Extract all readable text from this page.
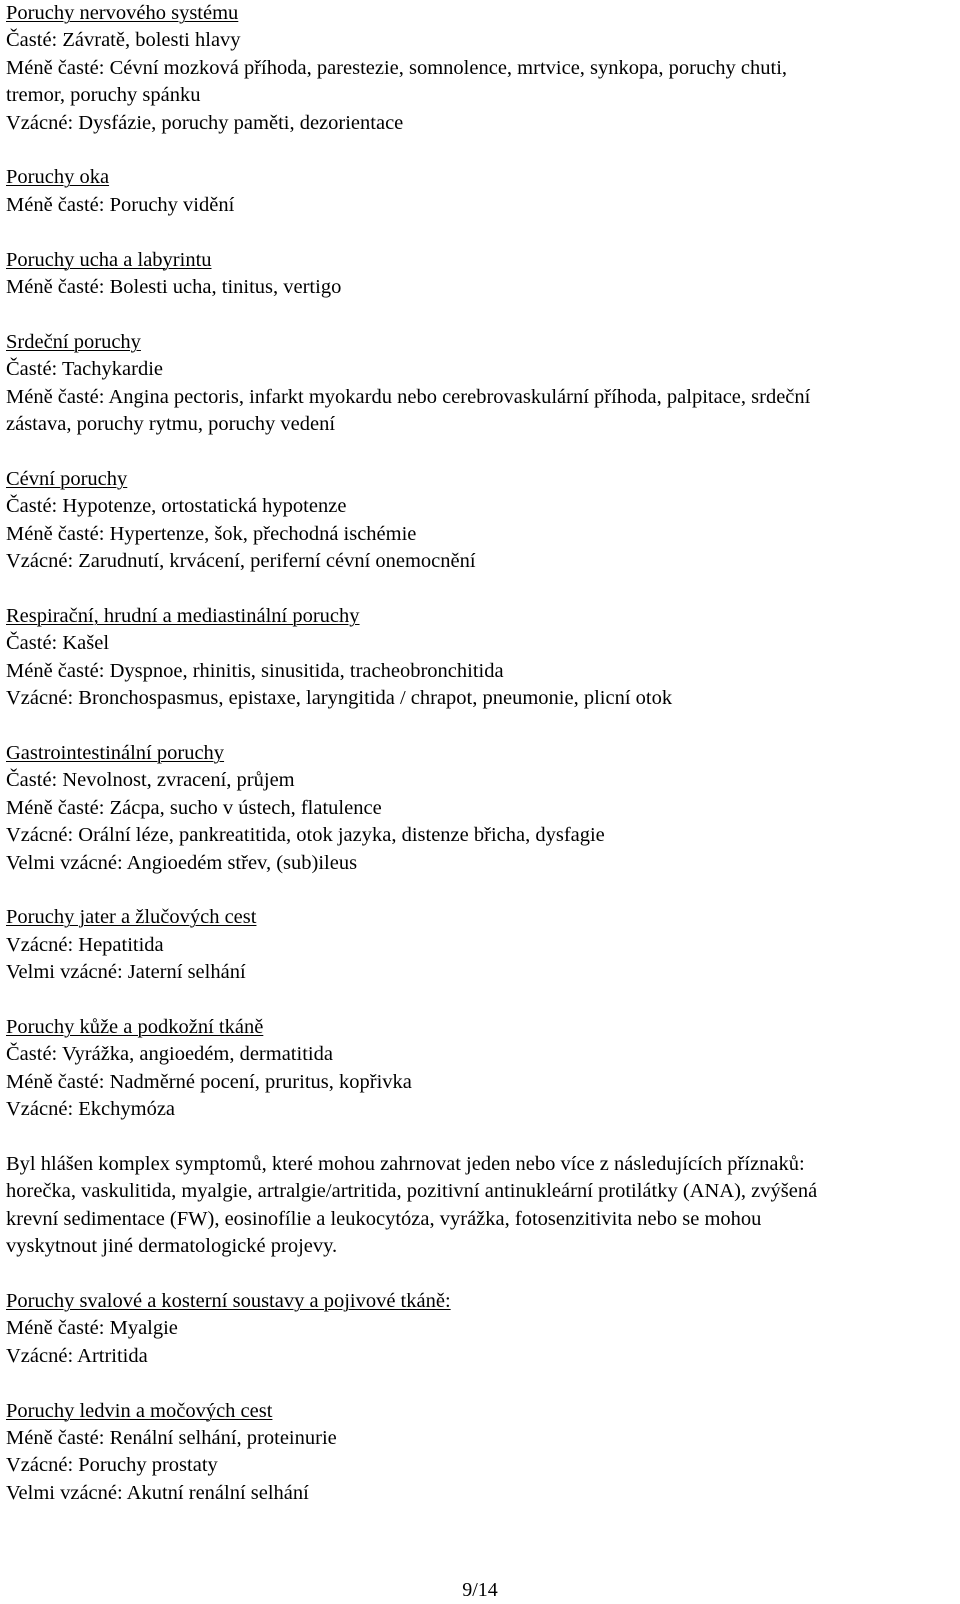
Poruchy nervového systému
Časté: Závratě, bolesti hlavy
Méně časté: Cévní mozková příhoda, parestezie, somnolence, mrtvice, synkopa, poruchy chuti,
tremor, poruchy spánku
Vzácné: Dysfázie, poruchy paměti, dezorientace
Poruchy oka
Méně časté: Poruchy vidění
Poruchy ucha a labyrintu
Méně časté: Bolesti ucha, tinitus, vertigo
Srdeční poruchy
Časté: Tachykardie
Méně časté: Angina pectoris, infarkt myokardu nebo cerebrovaskulární příhoda, palpitace, srdeční
zástava, poruchy rytmu, poruchy vedení
Cévní poruchy
Časté: Hypotenze, ortostatická hypotenze
Méně časté: Hypertenze, šok, přechodná ischémie
Vzácné: Zarudnutí, krvácení, periferní cévní onemocnění
Respirační, hrudní a mediastinální poruchy
Časté: Kašel
Méně časté: Dyspnoe, rhinitis, sinusitida, tracheobronchitida
Vzácné: Bronchospasmus, epistaxe, laryngitida / chrapot, pneumonie, plicní otok
Gastrointestinální poruchy
Časté: Nevolnost, zvracení, průjem
Méně časté: Zácpa, sucho v ústech, flatulence
Vzácné: Orální léze, pankreatitida, otok jazyka, distenze břicha, dysfagie
Velmi vzácné: Angioedém střev, (sub)ileus
Poruchy jater a žlučových cest
Vzácné: Hepatitida
Velmi vzácné: Jaterní selhání
Poruchy kůže a podkožní tkáně
Časté: Vyrážka, angioedém, dermatitida
Méně časté: Nadměrné pocení, pruritus, kopřivka
Vzácné: Ekchymóza
Byl hlášen komplex symptomů, které mohou zahrnovat jeden nebo více z následujících příznaků:
horečka, vaskulitida, myalgie, artralgie/artritida, pozitivní antinukleární protilátky (ANA), zvýšená
krevní sedimentace (FW), eosinofílie a leukocytóza, vyrážka, fotosenzitivita nebo se mohou
vyskytnout jiné dermatologické projevy.
Poruchy svalové a kosterní soustavy a pojivové tkáně:
Méně časté: Myalgie
Vzácné: Artritida
Poruchy ledvin a močových cest
Méně časté: Renální selhání, proteinurie
Vzácné: Poruchy prostaty
Velmi vzácné: Akutní renální selhání
9/14
